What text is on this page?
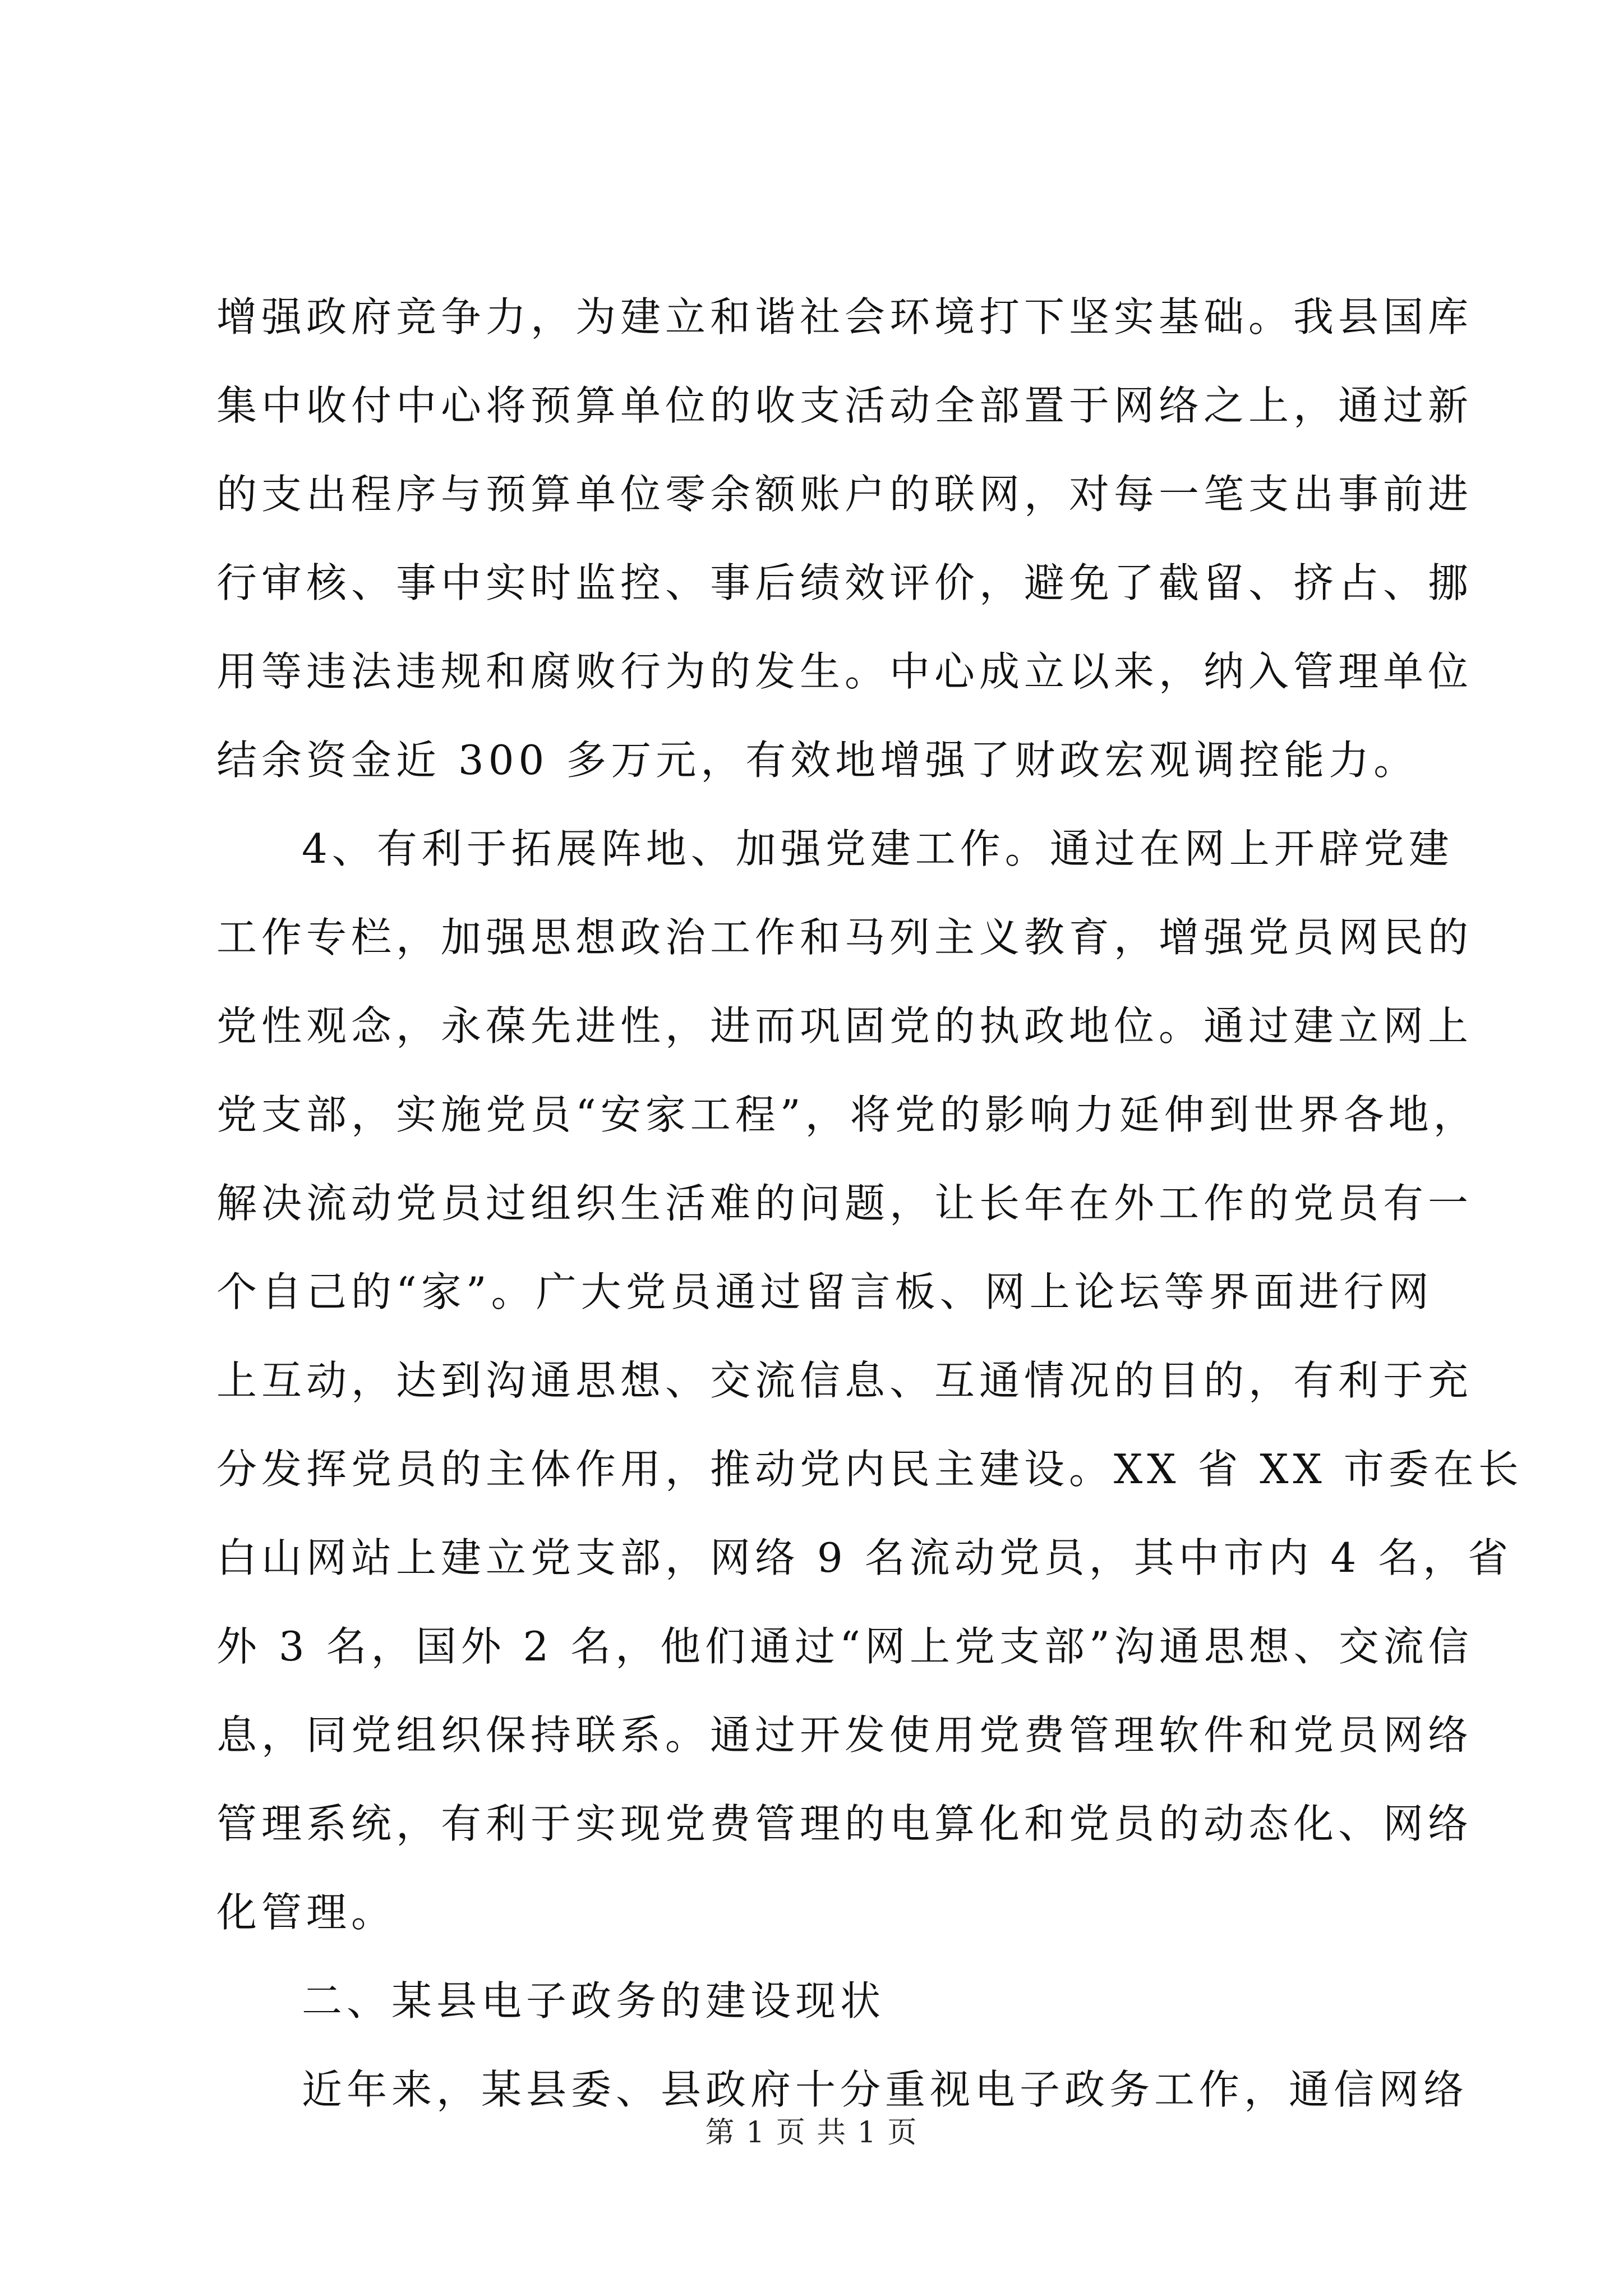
增强政府竞争力，为建立和谐社会环境打下坚实基础。我县国库
集中收付中心将预算单位的收支活动全部置于网络之上，通过新
的支出程序与预算单位零余额账户的联网，对每一笔支出事前进
行审核、事中实时监控、事后绩效评价，避免了截留、挤占、挪
用等违法违规和腐败行为的发生。中心成立以来，纳入管理单位
结余资金近 300 多万元，有效地增强了财政宏观调控能力。
4、有利于拓展阵地、加强党建工作。通过在网上开辟党建
工作专栏，加强思想政治工作和马列主义教育，增强党员网民的
党性观念，永葆先进性，进而巩固党的执政地位。通过建立网上
党支部，实施党员“安家工程”，将党的影响力延伸到世界各地，
解决流动党员过组织生活难的问题，让长年在外工作的党员有一
个自己的“家”。广大党员通过留言板、网上论坛等界面进行网
上互动，达到沟通思想、交流信息、互通情况的目的，有利于充
分发挥党员的主体作用，推动党内民主建设。XX 省 XX 市委在长
白山网站上建立党支部，网络 9 名流动党员，其中市内 4 名，省
外 3 名，国外 2 名，他们通过“网上党支部”沟通思想、交流信
息，同党组织保持联系。通过开发使用党费管理软件和党员网络
管理系统，有利于实现党费管理的电算化和党员的动态化、网络
化管理。
第 1 页 共 1 页
二、某县电子政务的建设现状
近年来，某县委、县政府十分重视电子政务工作，通信网络
